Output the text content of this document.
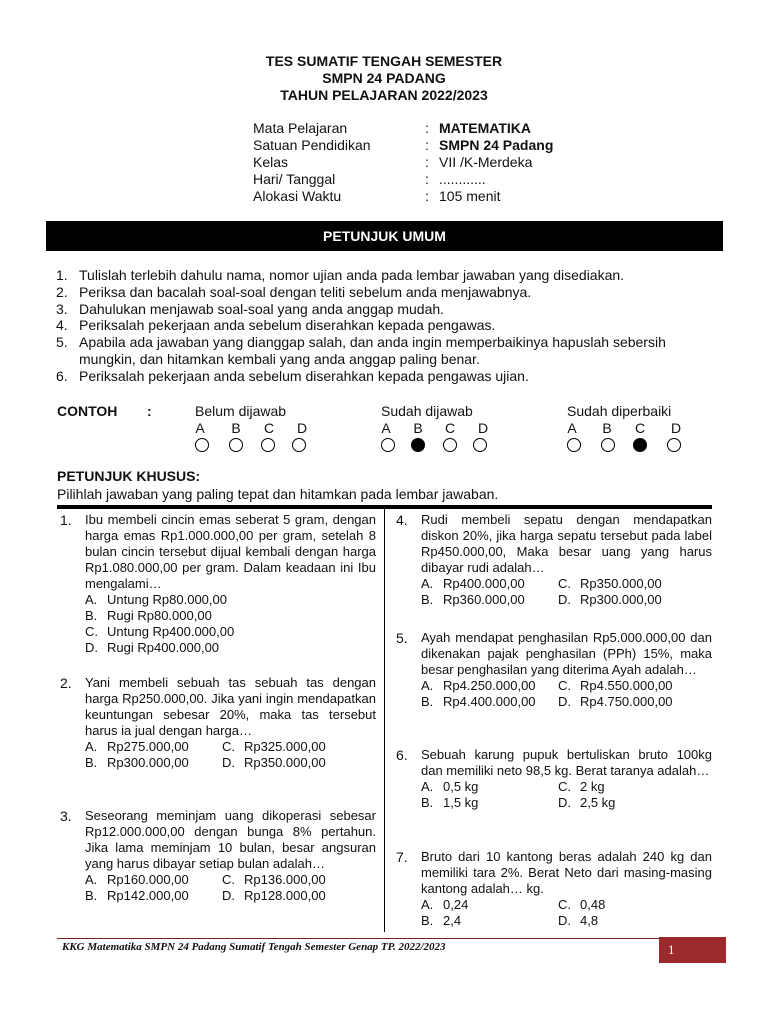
TES SUMATIF TENGAH SEMESTER
SMPN 24 PADANG
TAHUN PELAJARAN 2022/2023
Mata Pelajaran	: MATEMATIKA
Satuan Pendidikan	: SMPN 24 Padang
Kelas	: VII /K-Merdeka
Hari/ Tanggal	: ............
Alokasi Waktu	: 105 menit
PETUNJUK UMUM
1. Tulislah terlebih dahulu nama, nomor ujian anda pada lembar jawaban yang disediakan.
2. Periksa dan bacalah soal-soal dengan teliti sebelum anda menjawabnya.
3. Dahulukan menjawab soal-soal yang anda anggap mudah.
4. Periksalah pekerjaan anda sebelum diserahkan kepada pengawas.
5. Apabila ada jawaban yang dianggap salah, dan anda ingin memperbaikinya hapuslah sebersih mungkin, dan hitamkan kembali yang anda anggap paling benar.
6. Periksalah pekerjaan anda sebelum diserahkan kepada pengawas ujian.
CONTOH :	Belum dijawab
A B C D
Sudah dijawab
A B C D
Sudah diperbaiki
A B C D
PETUNJUK KHUSUS:
Pilihlah jawaban yang paling tepat dan hitamkan pada lembar jawaban.
1. Ibu membeli cincin emas seberat 5 gram, dengan harga emas Rp1.000.000,00 per gram, setelah 8 bulan cincin tersebut dijual kembali dengan harga Rp1.080.000,00 per gram. Dalam keadaan ini Ibu mengalami…
A. Untung Rp80.000,00
B. Rugi Rp80.000,00
C. Untung Rp400.000,00
D. Rugi Rp400.000,00
2. Yani membeli sebuah tas sebuah tas dengan harga Rp250.000,00. Jika yani ingin mendapatkan keuntungan sebesar 20%, maka tas tersebut harus ia jual dengan harga…
A. Rp275.000,00	C. Rp325.000,00
B. Rp300.000,00	D. Rp350.000,00
3. Seseorang meminjam uang dikoperasi sebesar Rp12.000.000,00 dengan bunga 8% pertahun. Jika lama meminjam 10 bulan, besar angsuran yang harus dibayar setiap bulan adalah…
A. Rp160.000,00	C. Rp136.000,00
B. Rp142.000,00	D. Rp128.000,00
4. Rudi membeli sepatu dengan mendapatkan diskon 20%, jika harga sepatu tersebut pada label Rp450.000,00, Maka besar uang yang harus dibayar rudi adalah…
A. Rp400.000,00	C. Rp350.000,00
B. Rp360.000,00	D. Rp300.000,00
5. Ayah mendapat penghasilan Rp5.000.000,00 dan dikenakan pajak penghasilan (PPh) 15%, maka besar penghasilan yang diterima Ayah adalah…
A. Rp4.250.000,00	C. Rp4.550.000,00
B. Rp4.400.000,00	D. Rp4.750.000,00
6. Sebuah karung pupuk bertuliskan bruto 100kg dan memiliki neto 98,5 kg. Berat taranya adalah…
A. 0,5 kg	C. 2 kg
B. 1,5 kg	D. 2,5 kg
7. Bruto dari 10 kantong beras adalah 240 kg dan memiliki tara 2%. Berat Neto dari masing-masing kantong adalah… kg.
A. 0,24	C. 0,48
B. 2,4	D. 4,8
KKG Matematika SMPN 24 Padang Sumatif Tengah Semester Genap TP. 2022/2023	1
